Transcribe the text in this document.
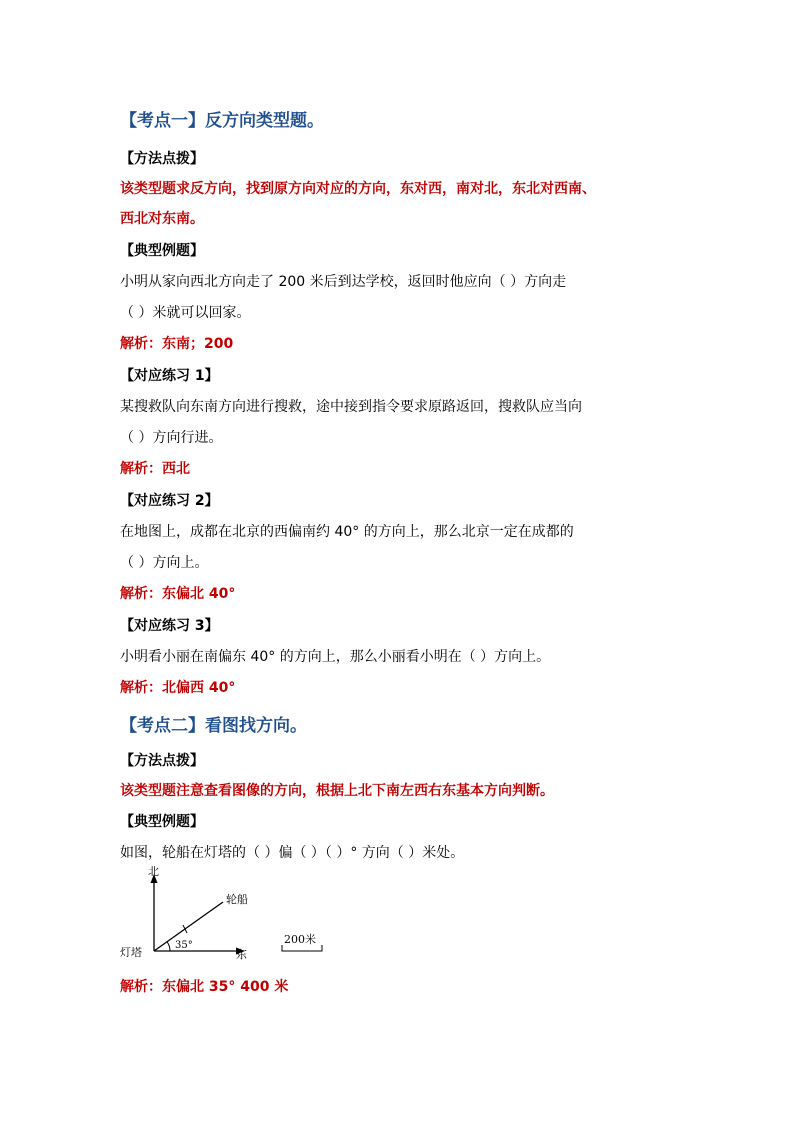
【考点一】反方向类型题。
【方法点拨】
该类型题求反方向，找到原方向对应的方向，东对西，南对北，东北对西南、
西北对东南。
【典型例题】
小明从家向西北方向走了 200 米后到达学校，返回时他应向（ ）方向走
（ ）米就可以回家。
解析：东南；200
【对应练习 1】
某搜救队向东南方向进行搜救，途中接到指令要求原路返回，搜救队应当向
（ ）方向行进。
解析：西北
【对应练习 2】
在地图上，成都在北京的西偏南约 40° 的方向上，那么北京一定在成都的
（ ）方向上。
解析：东偏北 40°
【对应练习 3】
小明看小丽在南偏东 40° 的方向上，那么小丽看小明在（ ）方向上。
解析：北偏西 40°
【考点二】看图找方向。
【方法点拨】
该类型题注意查看图像的方向，根据上北下南左西右东基本方向判断。
【典型例题】
如图，轮船在灯塔的（ ）偏（ ）（ ）° 方向（ ）米处。
北
东
灯塔
轮船
35°	200米
解析：东偏北 35° 400 米
